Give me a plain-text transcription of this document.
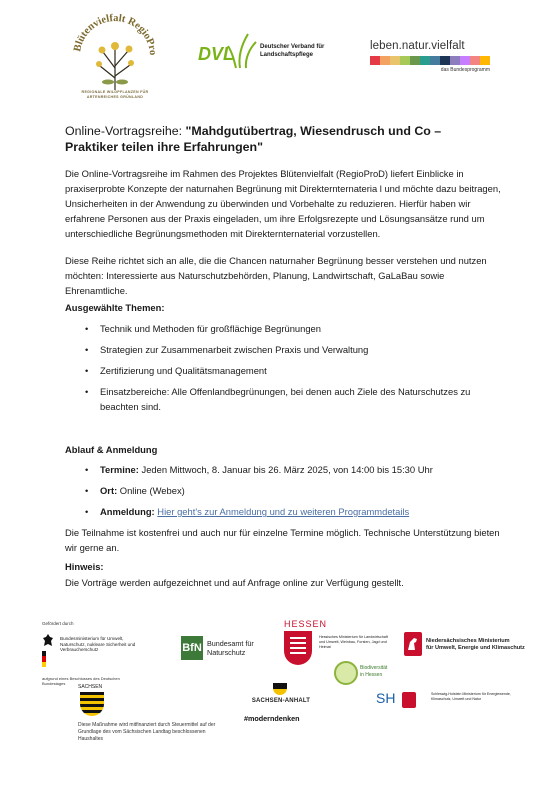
Blütenvielfalt RegioPro
REGIONALE WILDPFLANZEN FÜR ARTENREICHES GRÜNLAND
DVL	Deutscher Verband für
Landschaftspflege
leben.natur.vielfalt
das Bundesprogramm
Online-Vortragsreihe: "Mahdgutübertrag, Wiesendrusch und Co –
Praktiker teilen ihre Erfahrungen"
Die Online-Vortragsreihe im Rahmen des Projektes Blütenvielfalt (RegioProD) liefert Einblicke in praxiserprobte Konzepte der naturnahen Begrünung mit Direkternternateria l und möchte dazu beitragen, Unsicherheiten in der Anwendung zu überwinden und Vorbehalte zu reduzieren. Hierfür haben wir erfahrene Personen aus der Praxis eingeladen, um ihre Erfolgsrezepte und Lösungsansätze rund um unterschiedliche Begrünungsmethoden mit Direkternternaterial vorzustellen.
Diese Reihe richtet sich an alle, die die Chancen naturnaher Begrünung besser verstehen und nutzen möchten: Interessierte aus Naturschutzbehörden, Planung, Landwirtschaft, GaLaBau sowie Ehrenamtliche.
Ausgewählte Themen:
• Technik und Methoden für großflächige Begrünungen
• Strategien zur Zusammenarbeit zwischen Praxis und Verwaltung
• Zertifizierung und Qualitätsmanagement
• Einsatzbereiche: Alle Offenlandbegrünungen, bei denen auch Ziele des Naturschutzes zu beachten sind.
Ablauf & Anmeldung
• Termine: Jeden Mittwoch, 8. Januar bis 26. März 2025, von 14:00 bis 15:30 Uhr
• Ort: Online (Webex)
• Anmeldung: Hier geht's zur Anmeldung und zu weiteren Programmdetails
Die Teilnahme ist kostenfrei und auch nur für einzelne Termine möglich. Technische Unterstützung bieten wir gerne an.
Hinweis:
Die Vorträge werden aufgezeichnet und auf Anfrage online zur Verfügung gestellt.
Gefördert durch
Bundesministerium für Umwelt, Naturschutz, nukleare Sicherheit und Verbraucherschutz	BfN Bundesamt für
Naturschutz
HESSEN
Hessisches Ministerium für Landwirtschaft und Umwelt, Weinbau, Forsten, Jagd und Heimat
Niedersächsisches Ministerium
für Umwelt, Energie und Klimaschutz
Biodiversität
in Hessen
aufgrund eines Beschlusses des Deutschen Bundestages
SACHSEN
Diese Maßnahme wird mitfinanziert durch Steuermittel auf der Grundlage des vom Sächsischen Landtag beschlossenen Haushaltes
SACHSEN-ANHALT
#moderndenken
SH	Schleswig-Holstein Ministerium für Energiewende, Klimaschutz, Umwelt und Natur
